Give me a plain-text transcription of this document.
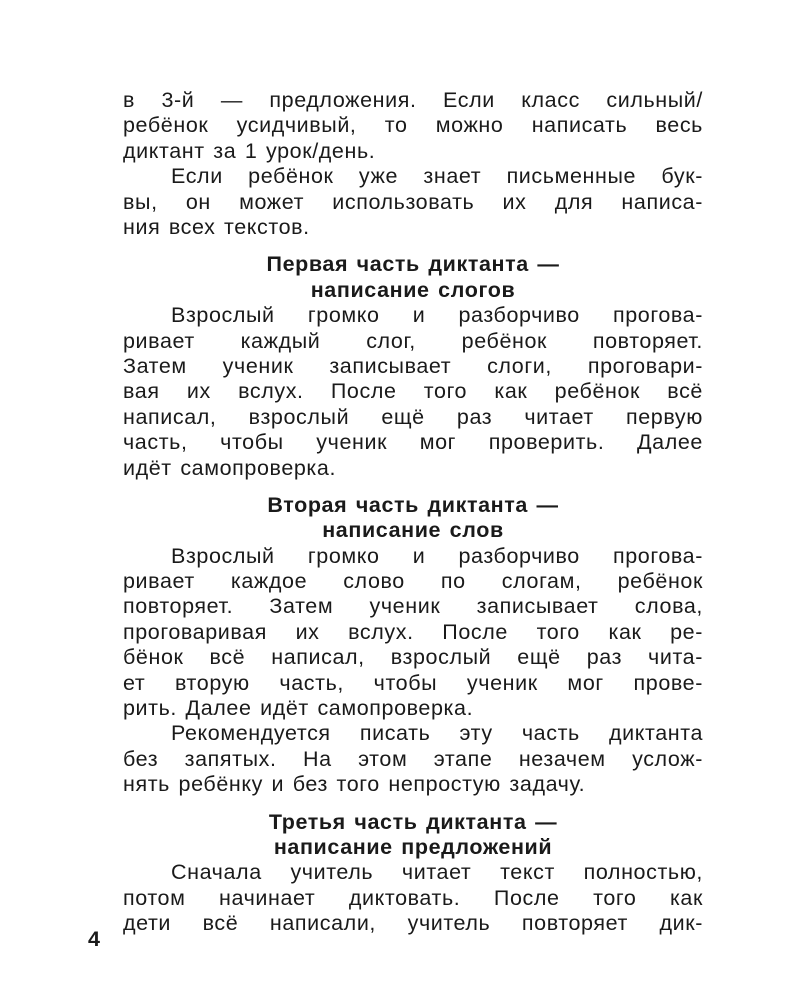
в 3-й — предложения. Если класс сильный/
ребёнок усидчивый, то можно написать весь
диктант за 1 урок/день.
Если ребёнок уже знает письменные бук-
вы, он может использовать их для написа-
ния всех текстов.
Первая часть диктанта —
написание слогов
Взрослый громко и разборчиво прогова-
ривает каждый слог, ребёнок повторяет.
Затем ученик записывает слоги, проговари-
вая их вслух. После того как ребёнок всё
написал, взрослый ещё раз читает первую
часть, чтобы ученик мог проверить. Далее
идёт самопроверка.
Вторая часть диктанта —
написание слов
Взрослый громко и разборчиво прогова-
ривает каждое слово по слогам, ребёнок
повторяет. Затем ученик записывает слова,
проговаривая их вслух. После того как ре-
бёнок всё написал, взрослый ещё раз чита-
ет вторую часть, чтобы ученик мог прове-
рить. Далее идёт самопроверка.
Рекомендуется писать эту часть диктанта
без запятых. На этом этапе незачем услож-
нять ребёнку и без того непростую задачу.
Третья часть диктанта —
написание предложений
Сначала учитель читает текст полностью,
потом начинает диктовать. После того как
дети всё написали, учитель повторяет дик-
4
